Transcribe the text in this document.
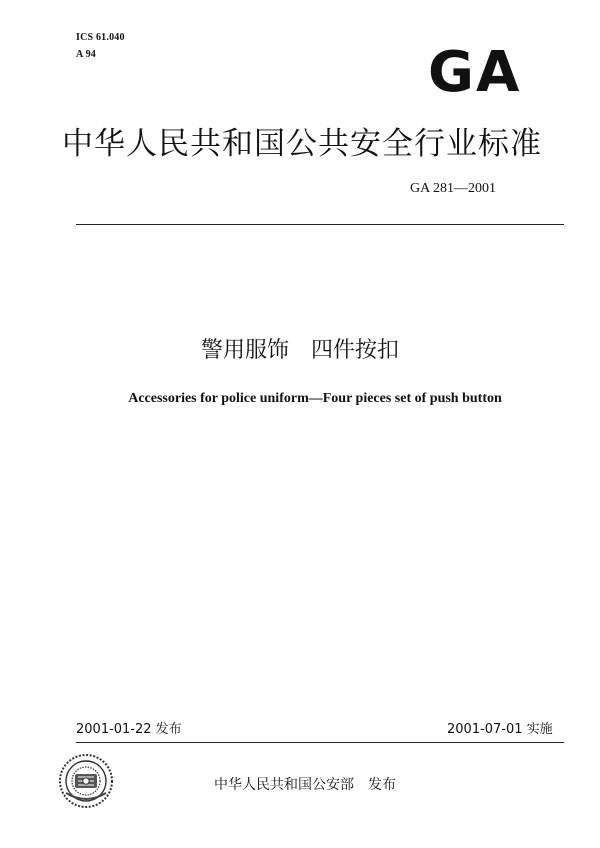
ICS 61.040
A 94	GA
中华人民共和国公共安全行业标准
GA 281—2001
警用服饰　四件按扣
Accessories for police uniform—Four pieces set of push button
2001-01-22 发布	2001-07-01 实施
中华人民共和国公安部　发布
